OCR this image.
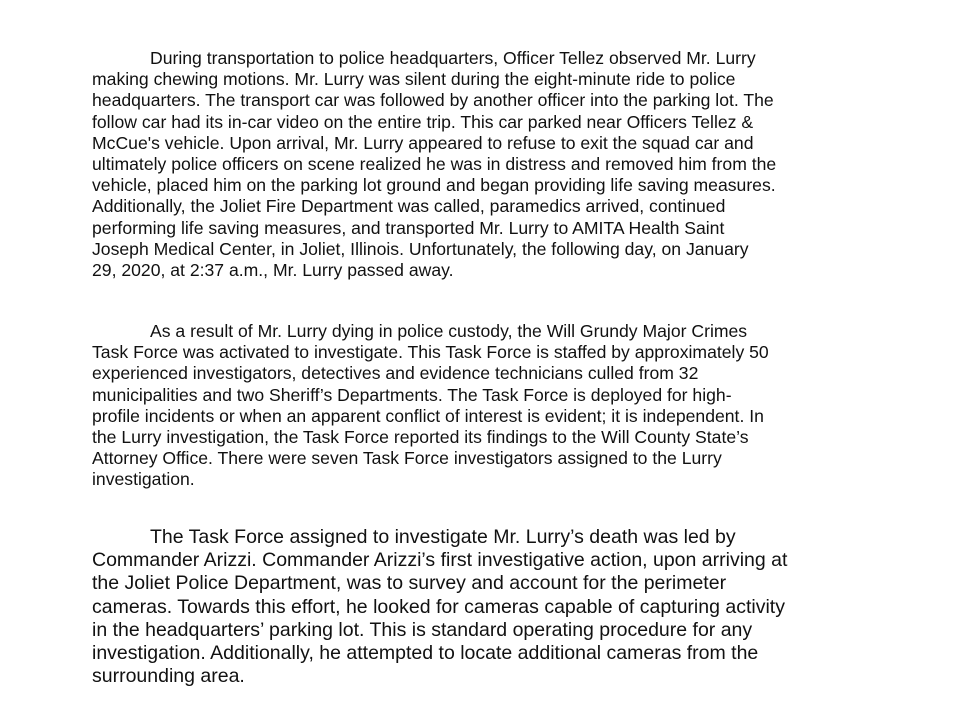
During transportation to police headquarters, Officer Tellez observed Mr. Lurry
making chewing motions. Mr. Lurry was silent during the eight-minute ride to police
headquarters. The transport car was followed by another officer into the parking lot. The
follow car had its in-car video on the entire trip. This car parked near Officers Tellez &
McCue's vehicle. Upon arrival, Mr. Lurry appeared to refuse to exit the squad car and
ultimately police officers on scene realized he was in distress and removed him from the
vehicle, placed him on the parking lot ground and began providing life saving measures.
Additionally, the Joliet Fire Department was called, paramedics arrived, continued
performing life saving measures, and transported Mr. Lurry to AMITA Health Saint
Joseph Medical Center, in Joliet, Illinois. Unfortunately, the following day, on January
29, 2020, at 2:37 a.m., Mr. Lurry passed away.

As a result of Mr. Lurry dying in police custody, the Will Grundy Major Crimes
Task Force was activated to investigate. This Task Force is staffed by approximately 50
experienced investigators, detectives and evidence technicians culled from 32
municipalities and two Sheriff’s Departments. The Task Force is deployed for high-
profile incidents or when an apparent conflict of interest is evident; it is independent. In
the Lurry investigation, the Task Force reported its findings to the Will County State’s
Attorney Office. There were seven Task Force investigators assigned to the Lurry
investigation.

The Task Force assigned to investigate Mr. Lurry’s death was led by
Commander Arizzi. Commander Arizzi’s first investigative action, upon arriving at
the Joliet Police Department, was to survey and account for the perimeter
cameras. Towards this effort, he looked for cameras capable of capturing activity
in the headquarters’ parking lot. This is standard operating procedure for any
investigation. Additionally, he attempted to locate additional cameras from the
surrounding area.
